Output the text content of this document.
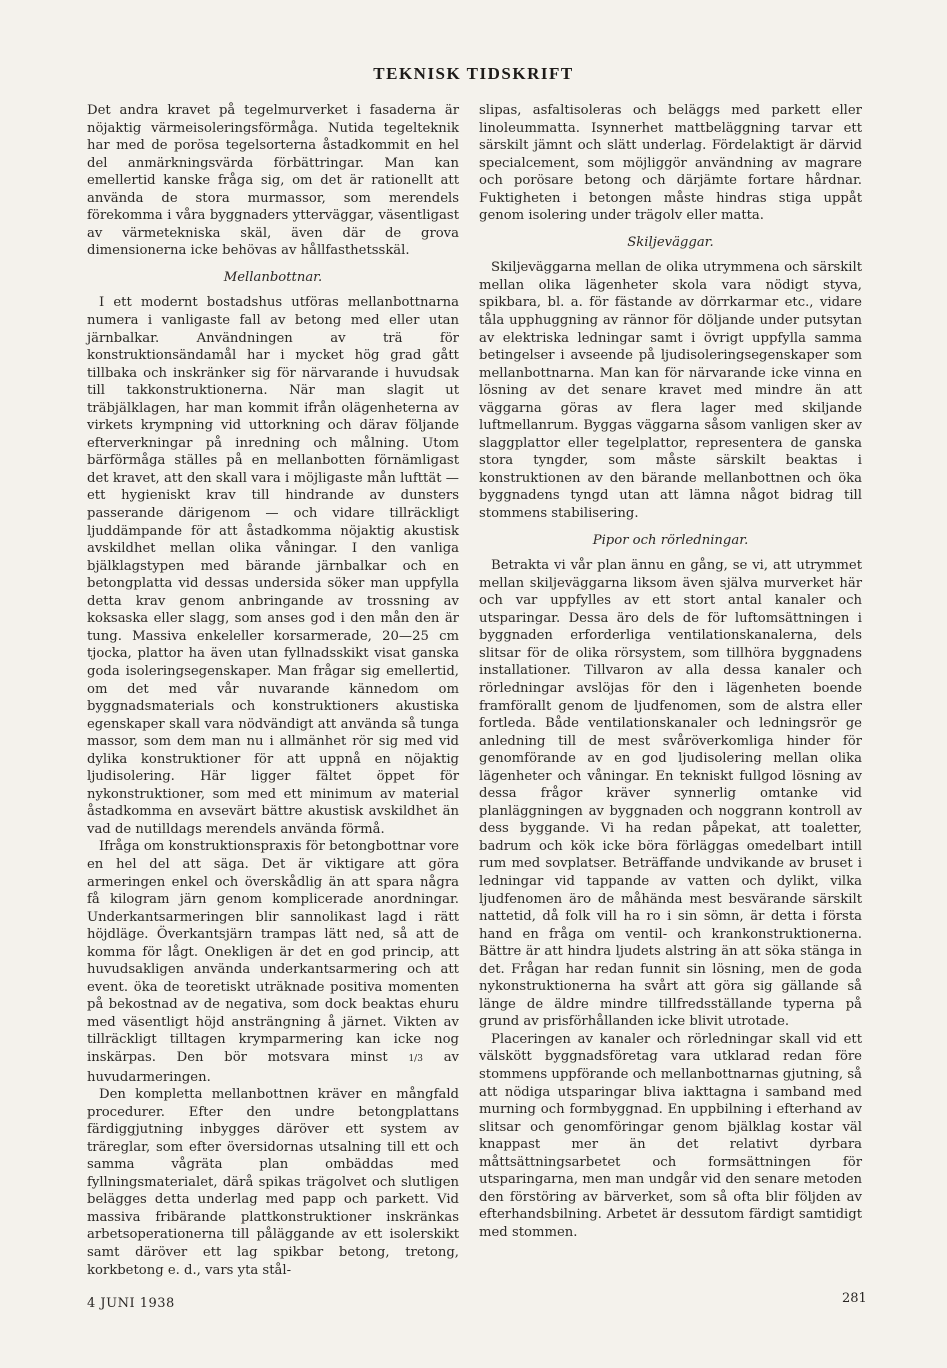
TEKNISK TIDSKRIFT

Det andra kravet på tegelmurverket i fasaderna är nöjaktig värmeisoleringsförmåga. Nutida tegelteknik har med de porösa tegelsorterna åstadkommit en hel del anmärkningsvärda förbättringar. Man kan emellertid kanske fråga sig, om det är rationellt att använda de stora murmassor, som merendels förekomma i våra byggnaders ytterväggar, väsentligast av värmetekniska skäl, även där de grova dimensionerna icke behövas av hållfasthetsskäl.

Mellanbottnar.

I ett modernt bostadshus utföras mellanbottnarna numera i vanligaste fall av betong med eller utan järnbalkar. Användningen av trä för konstruktionsändamål har i mycket hög grad gått tillbaka och inskränker sig för närvarande i huvudsak till takkonstruktionerna. När man slagit ut träbjälklagen, har man kommit ifrån olägenheterna av virkets krympning vid uttorkning och därav följande efterverkningar på inredning och målning. Utom bärförmåga ställes på en mellanbotten förnämligast det kravet, att den skall vara i möjligaste mån lufttät — ett hygieniskt krav till hindrande av dunsters passerande därigenom — och vidare tillräckligt ljuddämpande för att åstadkomma nöjaktig akustisk avskildhet mellan olika våningar. I den vanliga bjälklagstypen med bärande järnbalkar och en betongplatta vid dessas undersida söker man uppfylla detta krav genom anbringande av trossning av koksaska eller slagg, som anses god i den mån den är tung. Massiva enkeleller korsarmerade, 20—25 cm tjocka, plattor ha även utan fyllnadsskikt visat ganska goda isoleringsegenskaper. Man frågar sig emellertid, om det med vår nuvarande kännedom om byggnadsmaterials och konstruktioners akustiska egenskaper skall vara nödvändigt att använda så tunga massor, som dem man nu i allmänhet rör sig med vid dylika konstruktioner för att uppnå en nöjaktig ljudisolering. Här ligger fältet öppet för nykonstruktioner, som med ett minimum av material åstadkomma en avsevärt bättre akustisk avskildhet än vad de nutilldags merendels använda förmå.

Ifråga om konstruktionspraxis för betongbottnar vore en hel del att säga. Det är viktigare att göra armeringen enkel och överskådlig än att spara några få kilogram järn genom komplicerade anordningar. Underkantsarmeringen blir sannolikast lagd i rätt höjdläge. Överkantsjärn trampas lätt ned, så att de komma för lågt. Onekligen är det en god princip, att huvudsakligen använda underkantsarmering och att event. öka de teoretiskt uträknade positiva momenten på bekostnad av de negativa, som dock beaktas ehuru med väsentligt höjd ansträngning å järnet. Vikten av tillräckligt tilltagen krymparmering kan icke nog inskärpas. Den bör motsvara minst 1/3 av huvudarmeringen.

Den kompletta mellanbottnen kräver en mångfald procedurer. Efter den undre betongplattans färdiggjutning inbygges däröver ett system av träreglar, som efter översidornas utsalning till ett och samma vågräta plan ombäddas med fyllningsmaterialet, därå spikas trägolvet och slutligen belägges detta underlag med papp och parkett. Vid massiva fribärande plattkonstruktioner inskränkas arbetsoperationerna till påläggande av ett isolerskikt samt däröver ett lag spikbar betong, tretong, korkbetong e. d., vars yta stål-

slipas, asfaltisoleras och beläggs med parkett eller linoleummatta. Isynnerhet mattbeläggning tarvar ett särskilt jämnt och slätt underlag. Fördelaktigt är därvid specialcement, som möjliggör användning av magrare och porösare betong och därjämte fortare hårdnar. Fuktigheten i betongen måste hindras stiga uppåt genom isolering under trägolv eller matta.

Skiljeväggar.

Skiljeväggarna mellan de olika utrymmena och särskilt mellan olika lägenheter skola vara nödigt styva, spikbara, bl. a. för fästande av dörrkarmar etc., vidare tåla upphuggning av rännor för döljande under putsytan av elektriska ledningar samt i övrigt uppfylla samma betingelser i avseende på ljudisoleringsegenskaper som mellanbottnarna. Man kan för närvarande icke vinna en lösning av det senare kravet med mindre än att väggarna göras av flera lager med skiljande luftmellanrum. Byggas väggarna såsom vanligen sker av slaggplattor eller tegelplattor, representera de ganska stora tyngder, som måste särskilt beaktas i konstruktionen av den bärande mellanbottnen och öka byggnadens tyngd utan att lämna något bidrag till stommens stabilisering.

Pipor och rörledningar.

Betrakta vi vår plan ännu en gång, se vi, att utrymmet mellan skiljeväggarna liksom även själva murverket här och var uppfylles av ett stort antal kanaler och utsparingar. Dessa äro dels de för luftomsättningen i byggnaden erforderliga ventilationskanalerna, dels slitsar för de olika rörsystem, som tillhöra byggnadens installationer. Tillvaron av alla dessa kanaler och rörledningar avslöjas för den i lägenheten boende framförallt genom de ljudfenomen, som de alstra eller fortleda. Både ventilationskanaler och ledningsrör ge anledning till de mest svåröverkomliga hinder för genomförande av en god ljudisolering mellan olika lägenheter och våningar. En tekniskt fullgod lösning av dessa frågor kräver synnerlig omtanke vid planläggningen av byggnaden och noggrann kontroll av dess byggande. Vi ha redan påpekat, att toaletter, badrum och kök icke böra förläggas omedelbart intill rum med sovplatser. Beträffande undvikande av bruset i ledningar vid tappande av vatten och dylikt, vilka ljudfenomen äro de måhända mest besvärande särskilt nattetid, då folk vill ha ro i sin sömn, är detta i första hand en fråga om ventil- och krankonstruktionerna. Bättre är att hindra ljudets alstring än att söka stänga in det. Frågan har redan funnit sin lösning, men de goda nykonstruktionerna ha svårt att göra sig gällande så länge de äldre mindre tillfredsställande typerna på grund av prisförhållanden icke blivit utrotade.

Placeringen av kanaler och rörledningar skall vid ett välskött byggnadsföretag vara utklarad redan före stommens uppförande och mellanbottnarnas gjutning, så att nödiga utsparingar bliva iakttagna i samband med murning och formbyggnad. En uppbilning i efterhand av slitsar och genomföringar genom bjälklag kostar väl knappast mer än det relativt dyrbara måttsättningsarbetet och formsättningen för utsparingarna, men man undgår vid den senare metoden den förstöring av bärverket, som så ofta blir följden av efterhandsbilning. Arbetet är dessutom färdigt samtidigt med stommen.

4 JUNI 1938	281
